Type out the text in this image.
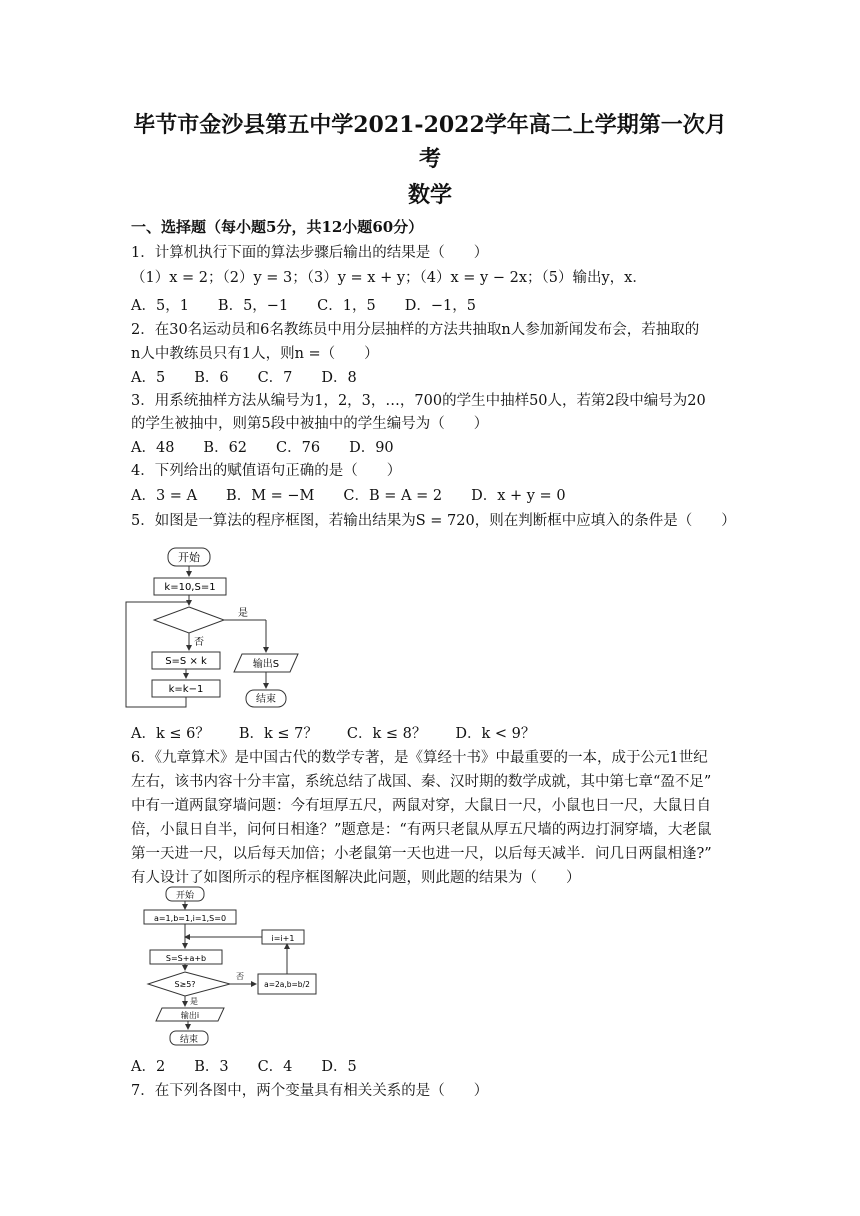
毕节市金沙县第五中学2021-2022学年高二上学期第一次月
考
数学
一、选择题（每小题5分，共12小题60分）
1．计算机执行下面的算法步骤后输出的结果是（　　）
（1）x = 2；（2）y = 3；（3）y = x + y；（4）x = y − 2x；（5）输出y，x．
A．5，1　　B．5，−1　　C．1，5　　D．−1，5
2．在30名运动员和6名教练员中用分层抽样的方法共抽取n人参加新闻发布会，若抽取的
n人中教练员只有1人，则n =（　　）
A．5　　B．6　　C．7　　D．8
3．用系统抽样方法从编号为1，2，3，…，700的学生中抽样50人，若第2段中编号为20
的学生被抽中，则第5段中被抽中的学生编号为（　　）
A．48　　B．62　　C．76　　D．90
4．下列给出的赋值语句正确的是（　　）
A．3 = A　　B．M = −M　　C．B = A = 2　　D．x + y = 0
5．如图是一算法的程序框图，若输出结果为S = 720，则在判断框中应填入的条件是（　　）
开始
k=10,S=1
是
否
S=S × k
k=k−1
输出S
结束
A．k ≤ 6？　　B．k ≤ 7？　　C．k ≤ 8？　　D．k < 9？
6．《九章算术》是中国古代的数学专著，是《算经十书》中最重要的一本，成于公元1世纪
左右，该书内容十分丰富，系统总结了战国、秦、汉时期的数学成就，其中第七章“盈不足”
中有一道两鼠穿墙问题：今有垣厚五尺，两鼠对穿，大鼠日一尺，小鼠也日一尺，大鼠日自
倍，小鼠日自半，问何日相逢？”题意是：“有两只老鼠从厚五尺墙的两边打洞穿墙，大老鼠
第一天进一尺，以后每天加倍；小老鼠第一天也进一尺，以后每天减半．问几日两鼠相逢?”
有人设计了如图所示的程序框图解决此问题，则此题的结果为（　　）
开始
a=1,b=1,i=1,S=0
i=i+1
S=S+a+b
S≥5?
否
a=2a,b=b/2
是
输出i
结束
A．2　　B．3　　C．4　　D．5
7．在下列各图中，两个变量具有相关关系的是（　　）
